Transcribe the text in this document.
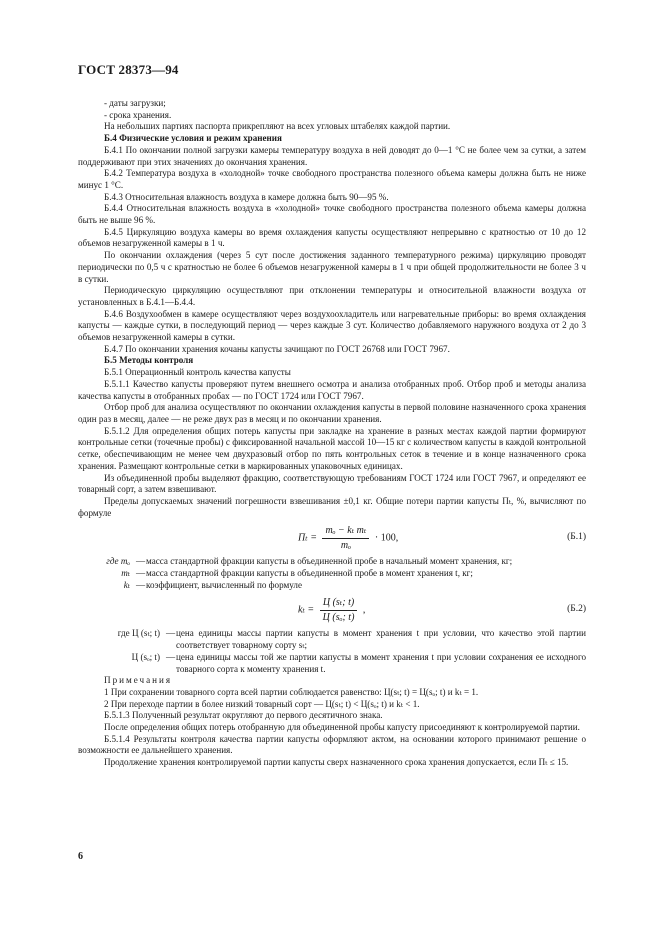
ГОСТ 28373—94

- даты загрузки;

- срока хранения.

На небольших партиях паспорта прикрепляют на всех угловых штабелях каждой партии.

Б.4 Физические условия и режим хранения

Б.4.1 По окончании полной загрузки камеры температуру воздуха в ней доводят до 0—1 °С не более чем за сутки, а затем поддерживают при этих значениях до окончания хранения.

Б.4.2 Температура воздуха в «холодной» точке свободного пространства полезного объема камеры должна быть не ниже минус 1 °С.

Б.4.3 Относительная влажность воздуха в камере должна быть 90—95 %.

Б.4.4 Относительная влажность воздуха в «холодной» точке свободного пространства полезного объема камеры должна быть не выше 96 %.

Б.4.5 Циркуляцию воздуха камеры во время охлаждения капусты осуществляют непрерывно с кратностью от 10 до 12 объемов незагруженной камеры в 1 ч.

По окончании охлаждения (через 5 сут после достижения заданного температурного режима) циркуляцию проводят периодически по 0,5 ч с кратностью не более 6 объемов незагруженной камеры в 1 ч при общей продолжительности не более 3 ч в сутки.

Периодическую циркуляцию осуществляют при отклонении температуры и относительной влажности воздуха от установленных в Б.4.1—Б.4.4.

Б.4.6 Воздухообмен в камере осуществляют через воздухоохладитель или нагревательные приборы: во время охлаждения капусты — каждые сутки, в последующий период — через каждые 3 сут. Количество добавляемого наружного воздуха от 2 до 3 объемов незагруженной камеры в сутки.

Б.4.7 По окончании хранения кочаны капусты зачищают по ГОСТ 26768 или ГОСТ 7967.

Б.5 Методы контроля

Б.5.1 Операционный контроль качества капусты

Б.5.1.1 Качество капусты проверяют путем внешнего осмотра и анализа отобранных проб. Отбор проб и методы анализа качества капусты в отобранных пробах — по ГОСТ 1724 или ГОСТ 7967.

Отбор проб для анализа осуществляют по окончании охлаждения капусты в первой половине назначенного срока хранения один раз в месяц, далее — не реже двух раз в месяц и по окончании хранения.

Б.5.1.2 Для определения общих потерь капусты при закладке на хранение в разных местах каждой партии формируют контрольные сетки (точечные пробы) с фиксированной начальной массой 10—15 кг с количеством капусты в каждой контрольной сетке, обеспечивающим не менее чем двухразовый отбор по пять контрольных сеток в течение и в конце назначенного срока хранения. Размещают контрольные сетки в маркированных упаковочных единицах.

Из объединенной пробы выделяют фракцию, соответствующую требованиям ГОСТ 1724 или ГОСТ 7967, и определяют ее товарный сорт, а затем взвешивают.

Пределы допускаемых значений погрешности взвешивания ±0,1 кг. Общие потери партии капусты Пₜ, %, вычисляют по формуле

$П_t = \frac{\text{mₒ − kₜ mₜ}}{\text{mₒ}} \cdot 100$,	(Б.1)
где mₒ — масса стандартной фракции капусты в объединенной пробе в начальный момент хранения, кг;
mₜ — масса стандартной фракции капусты в объединенной пробе в момент хранения t, кг;
kₜ — коэффициент, вычисленный по формуле
$k_t = \frac{\text{Ц (sₜ; t)}}{\text{Ц (sₒ; t)}}$ ,	(Б.2)
где Ц (sₜ; t) — цена единицы массы партии капусты в момент хранения t при условии, что качество этой партии соответствует товарному сорту sₜ;
Ц (sₒ; t) — цена единицы массы той же партии капусты в момент хранения t при условии сохранения ее исходного товарного сорта к моменту хранения t.

Примечания

1 При сохранении товарного сорта всей партии соблюдается равенство: Ц(sₜ; t) = Ц(sₒ; t) и kₜ = 1.

2 При переходе партии в более низкий товарный сорт — Ц(sₜ; t) < Ц(sₒ; t) и kₜ < 1.

Б.5.1.3 Полученный результат округляют до первого десятичного знака.

После определения общих потерь отобранную для объединенной пробы капусту присоединяют к контролируемой партии.

Б.5.1.4 Результаты контроля качества партии капусты оформляют актом, на основании которого принимают решение о возможности ее дальнейшего хранения.

Продолжение хранения контролируемой партии капусты сверх назначенного срока хранения допускается, если Пₜ ≤ 15.

6
